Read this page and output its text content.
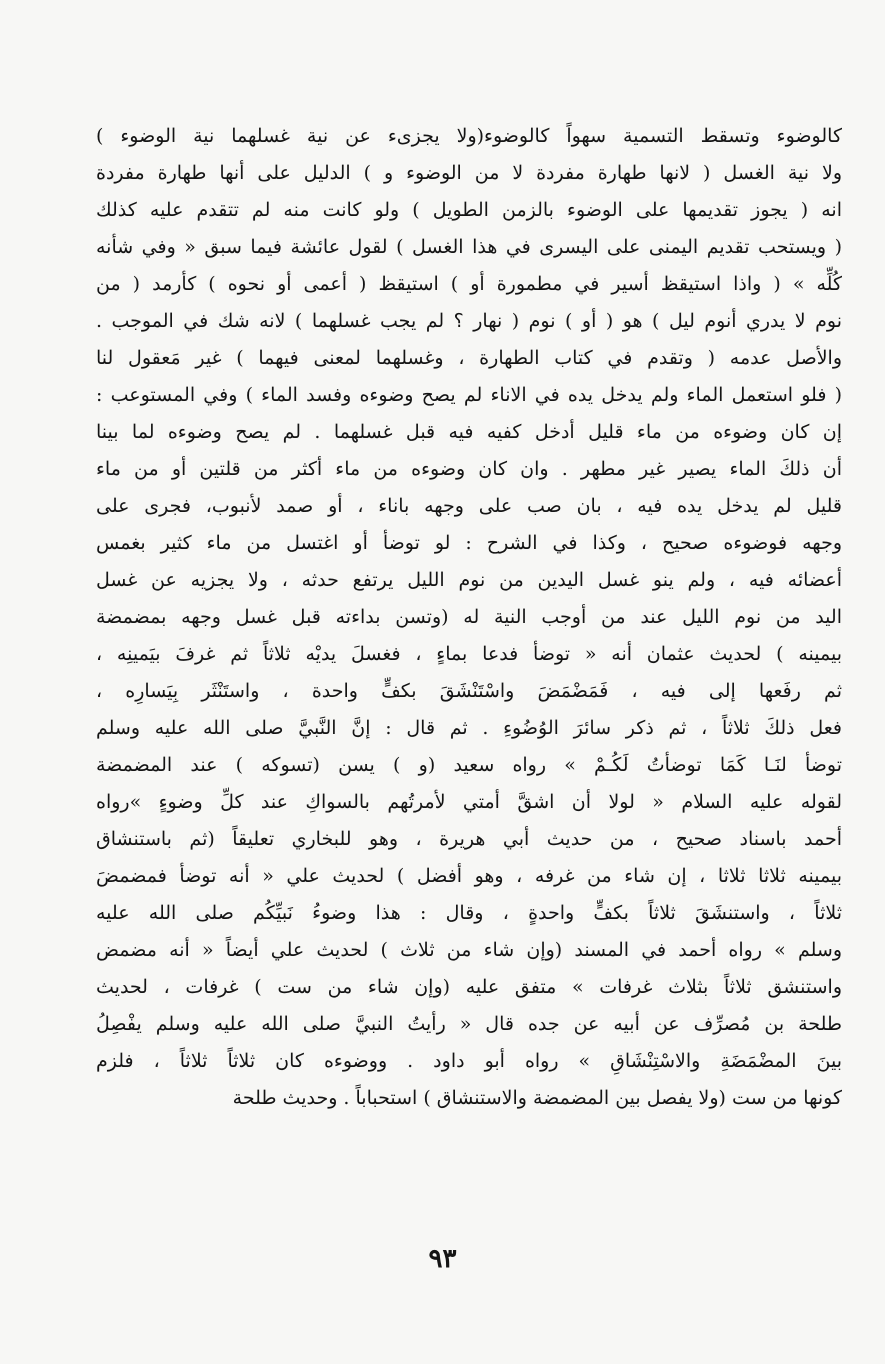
كالوضوء وتسقط التسمية سهواً كالوضوء(ولا يجزىء عن نية غسلهما نية الوضوء )
ولا نية الغسل ( لانها طهارة مفردة لا من الوضوء و ) الدليل على أنها طهارة مفردة
انه ( يجوز تقديمها على الوضوء بالزمن الطويل ) ولو كانت منه لم تتقدم عليه كذلك
( ويستحب تقديم اليمنى على اليسرى في هذا الغسل ) لقول عائشة فيما سبق « وفي شأنه
كُلِّه » ( واذا استيقظ أسير في مطمورة أو ) استيقظ ( أعمى أو نحوه ) كأرمد ( من
نوم لا يدري أنوم ليل ) هو ( أو ) نوم ( نهار ؟ لم يجب غسلهما ) لانه شك في الموجب .
والأصل عدمه ( وتقدم في كتاب الطهارة ، وغسلهما لمعنى فيهما ) غير مَعقول لنا
( فلو استعمل الماء ولم يدخل يده في الاناء لم يصح وضوءه وفسد الماء ) وفي المستوعب :
إن كان وضوءه من ماء قليل أدخل كفيه فيه قبل غسلهما . لم يصح وضوءه لما بينا
أن ذلكَ الماء يصير غير مطهر . وان كان وضوءه من ماء أكثر من قلتين أو من ماء
قليل لم يدخل يده فيه ، بان صب على وجهه باناء ، أو صمد لأنبوب، فجرى على
وجهه فوضوءه صحيح ، وكذا في الشرح : لو توضأ أو اغتسل من ماء كثير بغمس
أعضائه فيه ، ولم ينو غسل اليدين من نوم الليل يرتفع حدثه ، ولا يجزيه عن غسل
اليد من نوم الليل عند من أوجب النية له (وتسن بداءته قبل غسل وجهه بمضمضة
بيمينه ) لحديث عثمان أنه « توضأ فدعا بماءٍ ، فغسلَ يديْه ثلاثاً ثم غرفَ بيَمينِه ،
ثم رفَعها إلى فيه ، فَمَضْمَضَ واسْتَنْشَقَ بكفٍّ واحدة ، واستَنْثَر بِيَسارِه ،
فعل ذلكَ ثلاثاً ، ثم ذكر سائرَ الوُضُوءِ . ثم قال : إنَّ النَّبيَّ صلى الله عليه وسلم
توضأ لنَـا كَمَا توضأتُ لَكُـمْ » رواه سعيد (و ) يسن (تسوكه ) عند المضمضة
لقوله عليه السلام « لولا أن اشقَّ أمتي لأمرتُهم بالسواكِ عند كلِّ وضوءٍ »رواه
أحمد باسناد صحيح ، من حديث أبي هريرة ، وهو للبخاري تعليقاً (ثم باستنشاق
بيمينه ثلاثا ثلاثا ، إن شاء من غرفه ، وهو أفضل ) لحديث علي « أنه توضأ فمضمضَ
ثلاثاً ، واستنشَقَ ثلاثاً بكفٍّ واحدةٍ ، وقال : هذا وضوءُ نَبيِّكُم صلى الله عليه
وسلم » رواه أحمد في المسند (وإن شاء من ثلاث ) لحديث علي أيضاً « أنه مضمض
واستنشق ثلاثاً بثلاث غرفات » متفق عليه (وإن شاء من ست ) غرفات ، لحديث
طلحة بن مُصرِّف عن أبيه عن جده قال « رأيتُ النبيَّ صلى الله عليه وسلم يفْصِلُ
بينَ المضْمَضَةِ والاسْتِنْشَاقِ » رواه أبو داود . ووضوءه كان ثلاثاً ثلاثاً ، فلزم
كونها من ست (ولا يفصل بين المضمضة والاستنشاق ) استحباباً . وحديث طلحة
٩٣
